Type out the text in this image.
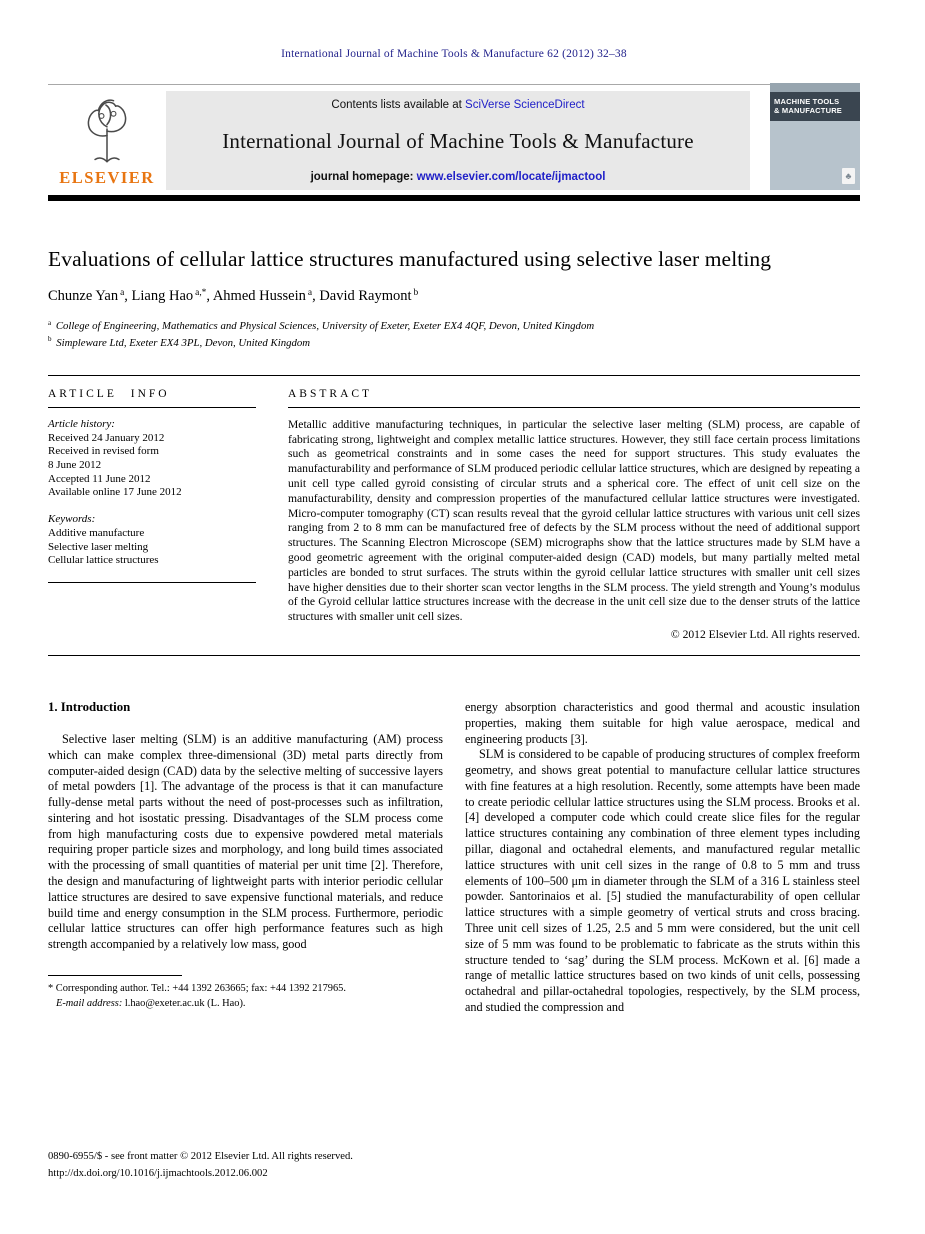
International Journal of Machine Tools & Manufacture 62 (2012) 32–38
ELSEVIER
Contents lists available at SciVerse ScienceDirect
International Journal of Machine Tools & Manufacture
journal homepage: www.elsevier.com/locate/ijmactool
MACHINE TOOLS
& MANUFACTURE
♣
Evaluations of cellular lattice structures manufactured using selective laser melting
Chunze Yan $^a$, Liang Hao $^{a,*}$, Ahmed Hussein $^a$, David Raymont $^b$
$^a$ College of Engineering, Mathematics and Physical Sciences, University of Exeter, Exeter EX4 4QF, Devon, United Kingdom
$^b$ Simpleware Ltd, Exeter EX4 3PL, Devon, United Kingdom
ARTICLE INFO
Article history:
Received 24 January 2012
Received in revised form
8 June 2012
Accepted 11 June 2012
Available online 17 June 2012
Keywords:
Additive manufacture
Selective laser melting
Cellular lattice structures
ABSTRACT

Metallic additive manufacturing techniques, in particular the selective laser melting (SLM) process, are capable of fabricating strong, lightweight and complex metallic lattice structures. However, they still face certain process limitations such as geometrical constraints and in some cases the need for support structures. This study evaluates the manufacturability and performance of SLM produced periodic cellular lattice structures, which are designed by repeating a unit cell type called gyroid consisting of circular struts and a spherical core. The effect of unit cell size on the manufacturability, density and compression properties of the manufactured cellular lattice structures were investigated. Micro-computer tomography (CT) scan results reveal that the gyroid cellular lattice structures with various unit cell sizes ranging from 2 to 8 mm can be manufactured free of defects by the SLM process without the need of additional support structures. The Scanning Electron Microscope (SEM) micrographs show that the lattice structures made by SLM have a good geometric agreement with the original computer-aided design (CAD) models, but many partially melted metal particles are bonded to strut surfaces. The struts within the gyroid cellular lattice structures with smaller unit cell sizes have higher densities due to their shorter scan vector lengths in the SLM process. The yield strength and Young’s modulus of the Gyroid cellular lattice structures increase with the decrease in the unit cell size due to the denser struts of the lattice structures with smaller unit cell sizes.

© 2012 Elsevier Ltd. All rights reserved.
1. Introduction

Selective laser melting (SLM) is an additive manufacturing (AM) process which can make complex three-dimensional (3D) metal parts directly from computer-aided design (CAD) data by the selective melting of successive layers of metal powders [1]. The advantage of the process is that it can manufacture fully-dense metal parts without the need of post-processes such as infiltration, sintering and hot isostatic pressing. Disadvantages of the SLM process come from high manufacturing costs due to expensive powdered metal materials requiring proper particle sizes and morphology, and long build times associated with the processing of small quantities of material per unit time [2]. Therefore, the design and manufacturing of lightweight parts with interior periodic cellular lattice structures are desired to save expensive functional materials, and reduce build time and energy consumption in the SLM process. Furthermore, periodic cellular lattice structures can offer high performance features such as high strength accompanied by a relatively low mass, good

* Corresponding author. Tel.: +44 1392 263665; fax: +44 1392 217965.
E-mail address: l.hao@exeter.ac.uk (L. Hao).

energy absorption characteristics and good thermal and acoustic insulation properties, making them suitable for high value aerospace, medical and engineering products [3].

SLM is considered to be capable of producing structures of complex freeform geometry, and shows great potential to manufacture cellular lattice structures with fine features at a high resolution. Recently, some attempts have been made to create periodic cellular lattice structures using the SLM process. Brooks et al. [4] developed a computer code which could create slice files for the regular lattice structures containing any combination of three element types including pillar, diagonal and octahedral elements, and manufactured regular metallic lattice structures with unit cell sizes in the range of 0.8 to 5 mm and truss elements of 100–500 μm in diameter through the SLM of a 316 L stainless steel powder. Santorinaios et al. [5] studied the manufacturability of open cellular lattice structures with a simple geometry of vertical struts and cross bracing. Three unit cell sizes of 1.25, 2.5 and 5 mm were considered, but the unit cell size of 5 mm was found to be problematic to fabricate as the struts within this structure tended to ‘sag’ during the SLM process. McKown et al. [6] made a range of metallic lattice structures based on two kinds of unit cells, possessing octahedral and pillar-octahedral topologies, respectively, by the SLM process, and studied the compression and

0890-6955/$ - see front matter © 2012 Elsevier Ltd. All rights reserved.
http://dx.doi.org/10.1016/j.ijmachtools.2012.06.002
